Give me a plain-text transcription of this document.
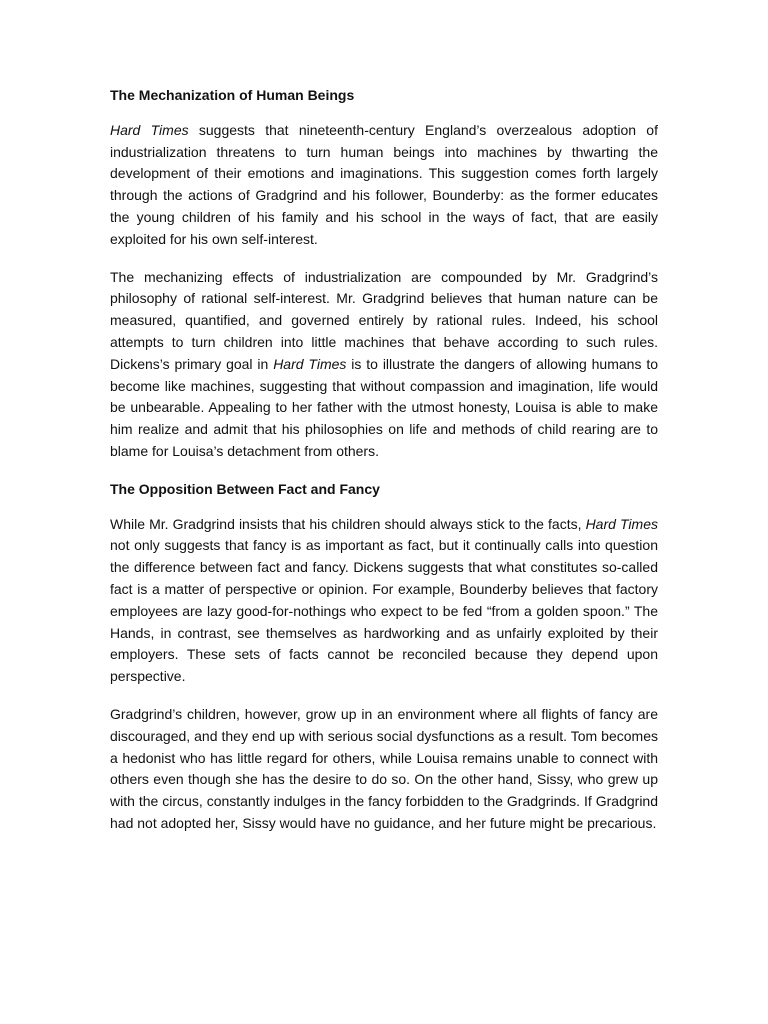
The Mechanization of Human Beings

Hard Times suggests that nineteenth-century England’s overzealous adoption of industrialization threatens to turn human beings into machines by thwarting the development of their emotions and imaginations. This suggestion comes forth largely through the actions of Gradgrind and his follower, Bounderby: as the former educates the young children of his family and his school in the ways of fact, that are easily exploited for his own self-interest.

The mechanizing effects of industrialization are compounded by Mr. Gradgrind’s philosophy of rational self-interest. Mr. Gradgrind believes that human nature can be measured, quantified, and governed entirely by rational rules. Indeed, his school attempts to turn children into little machines that behave according to such rules. Dickens’s primary goal in Hard Times is to illustrate the dangers of allowing humans to become like machines, suggesting that without compassion and imagination, life would be unbearable. Appealing to her father with the utmost honesty, Louisa is able to make him realize and admit that his philosophies on life and methods of child rearing are to blame for Louisa’s detachment from others.

The Opposition Between Fact and Fancy

While Mr. Gradgrind insists that his children should always stick to the facts, Hard Times not only suggests that fancy is as important as fact, but it continually calls into question the difference between fact and fancy. Dickens suggests that what constitutes so-called fact is a matter of perspective or opinion. For example, Bounderby believes that factory employees are lazy good-for-nothings who expect to be fed “from a golden spoon.” The Hands, in contrast, see themselves as hardworking and as unfairly exploited by their employers. These sets of facts cannot be reconciled because they depend upon perspective.

Gradgrind’s children, however, grow up in an environment where all flights of fancy are discouraged, and they end up with serious social dysfunctions as a result. Tom becomes a hedonist who has little regard for others, while Louisa remains unable to connect with others even though she has the desire to do so. On the other hand, Sissy, who grew up with the circus, constantly indulges in the fancy forbidden to the Gradgrinds. If Gradgrind had not adopted her, Sissy would have no guidance, and her future might be precarious.
